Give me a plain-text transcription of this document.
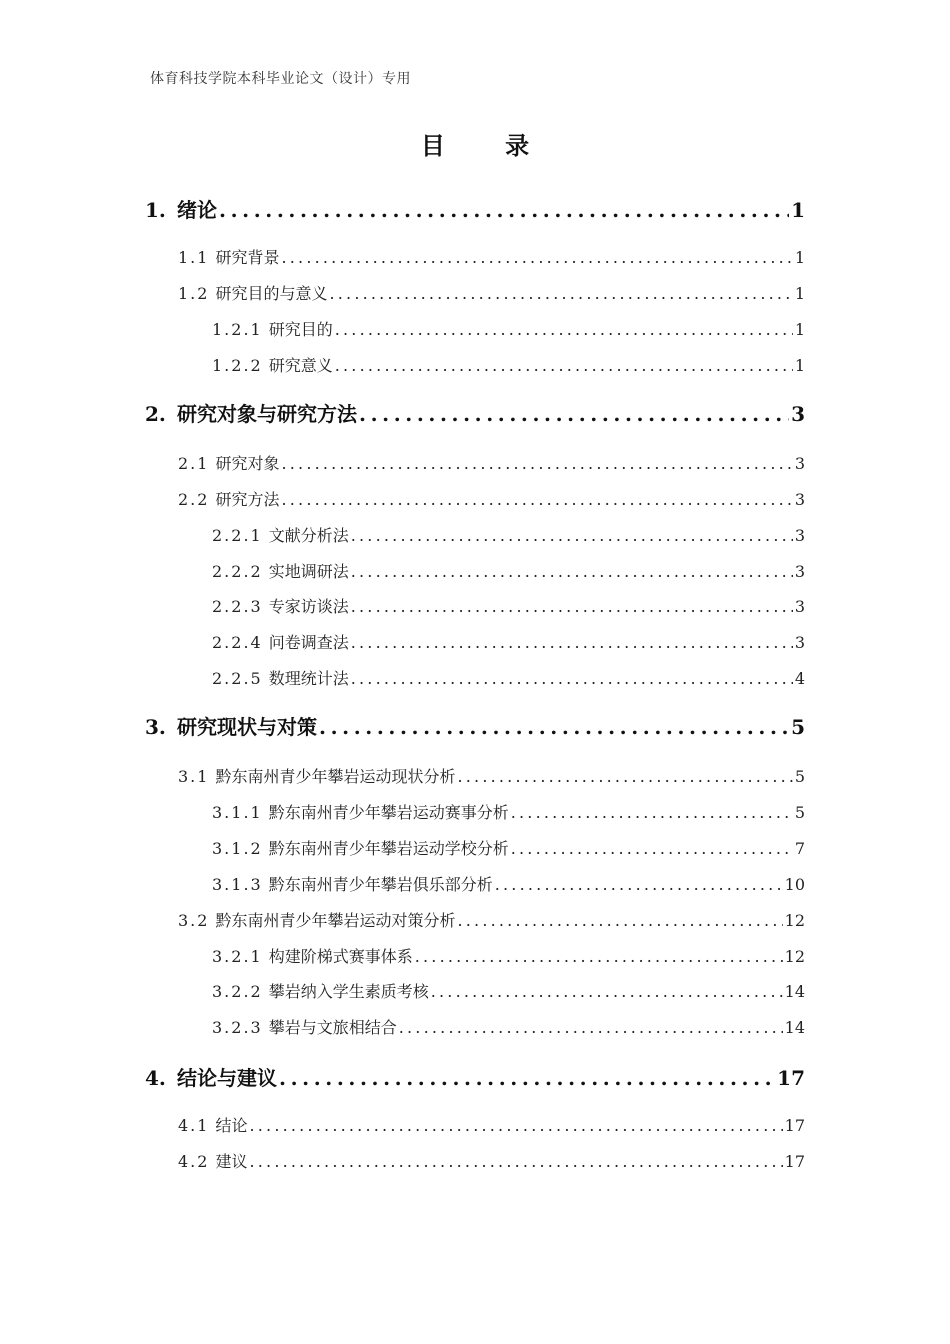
体育科技学院本科毕业论文（设计）专用
目 录
1. 绪论 .....	1
1.1 研究背景 .....	1
1.2 研究目的与意义 .....	1
1.2.1 研究目的 .....	1
1.2.2 研究意义 .....	1
2. 研究对象与研究方法 .....	3
2.1 研究对象 .....	3
2.2 研究方法 .....	3
2.2.1 文献分析法 .....	3
2.2.2 实地调研法 .....	3
2.2.3 专家访谈法 .....	3
2.2.4 问卷调查法 .....	3
2.2.5 数理统计法 .....	4
3. 研究现状与对策 .....	5
3.1 黔东南州青少年攀岩运动现状分析 .....	5
3.1.1 黔东南州青少年攀岩运动赛事分析 .....	5
3.1.2 黔东南州青少年攀岩运动学校分析 .....	7
3.1.3 黔东南州青少年攀岩俱乐部分析 .....	10
3.2 黔东南州青少年攀岩运动对策分析 .....	12
3.2.1 构建阶梯式赛事体系 .....	12
3.2.2 攀岩纳入学生素质考核 .....	14
3.2.3 攀岩与文旅相结合 .....	14
4. 结论与建议 .....	17
4.1 结论 .....	17
4.2 建议 .....	17
